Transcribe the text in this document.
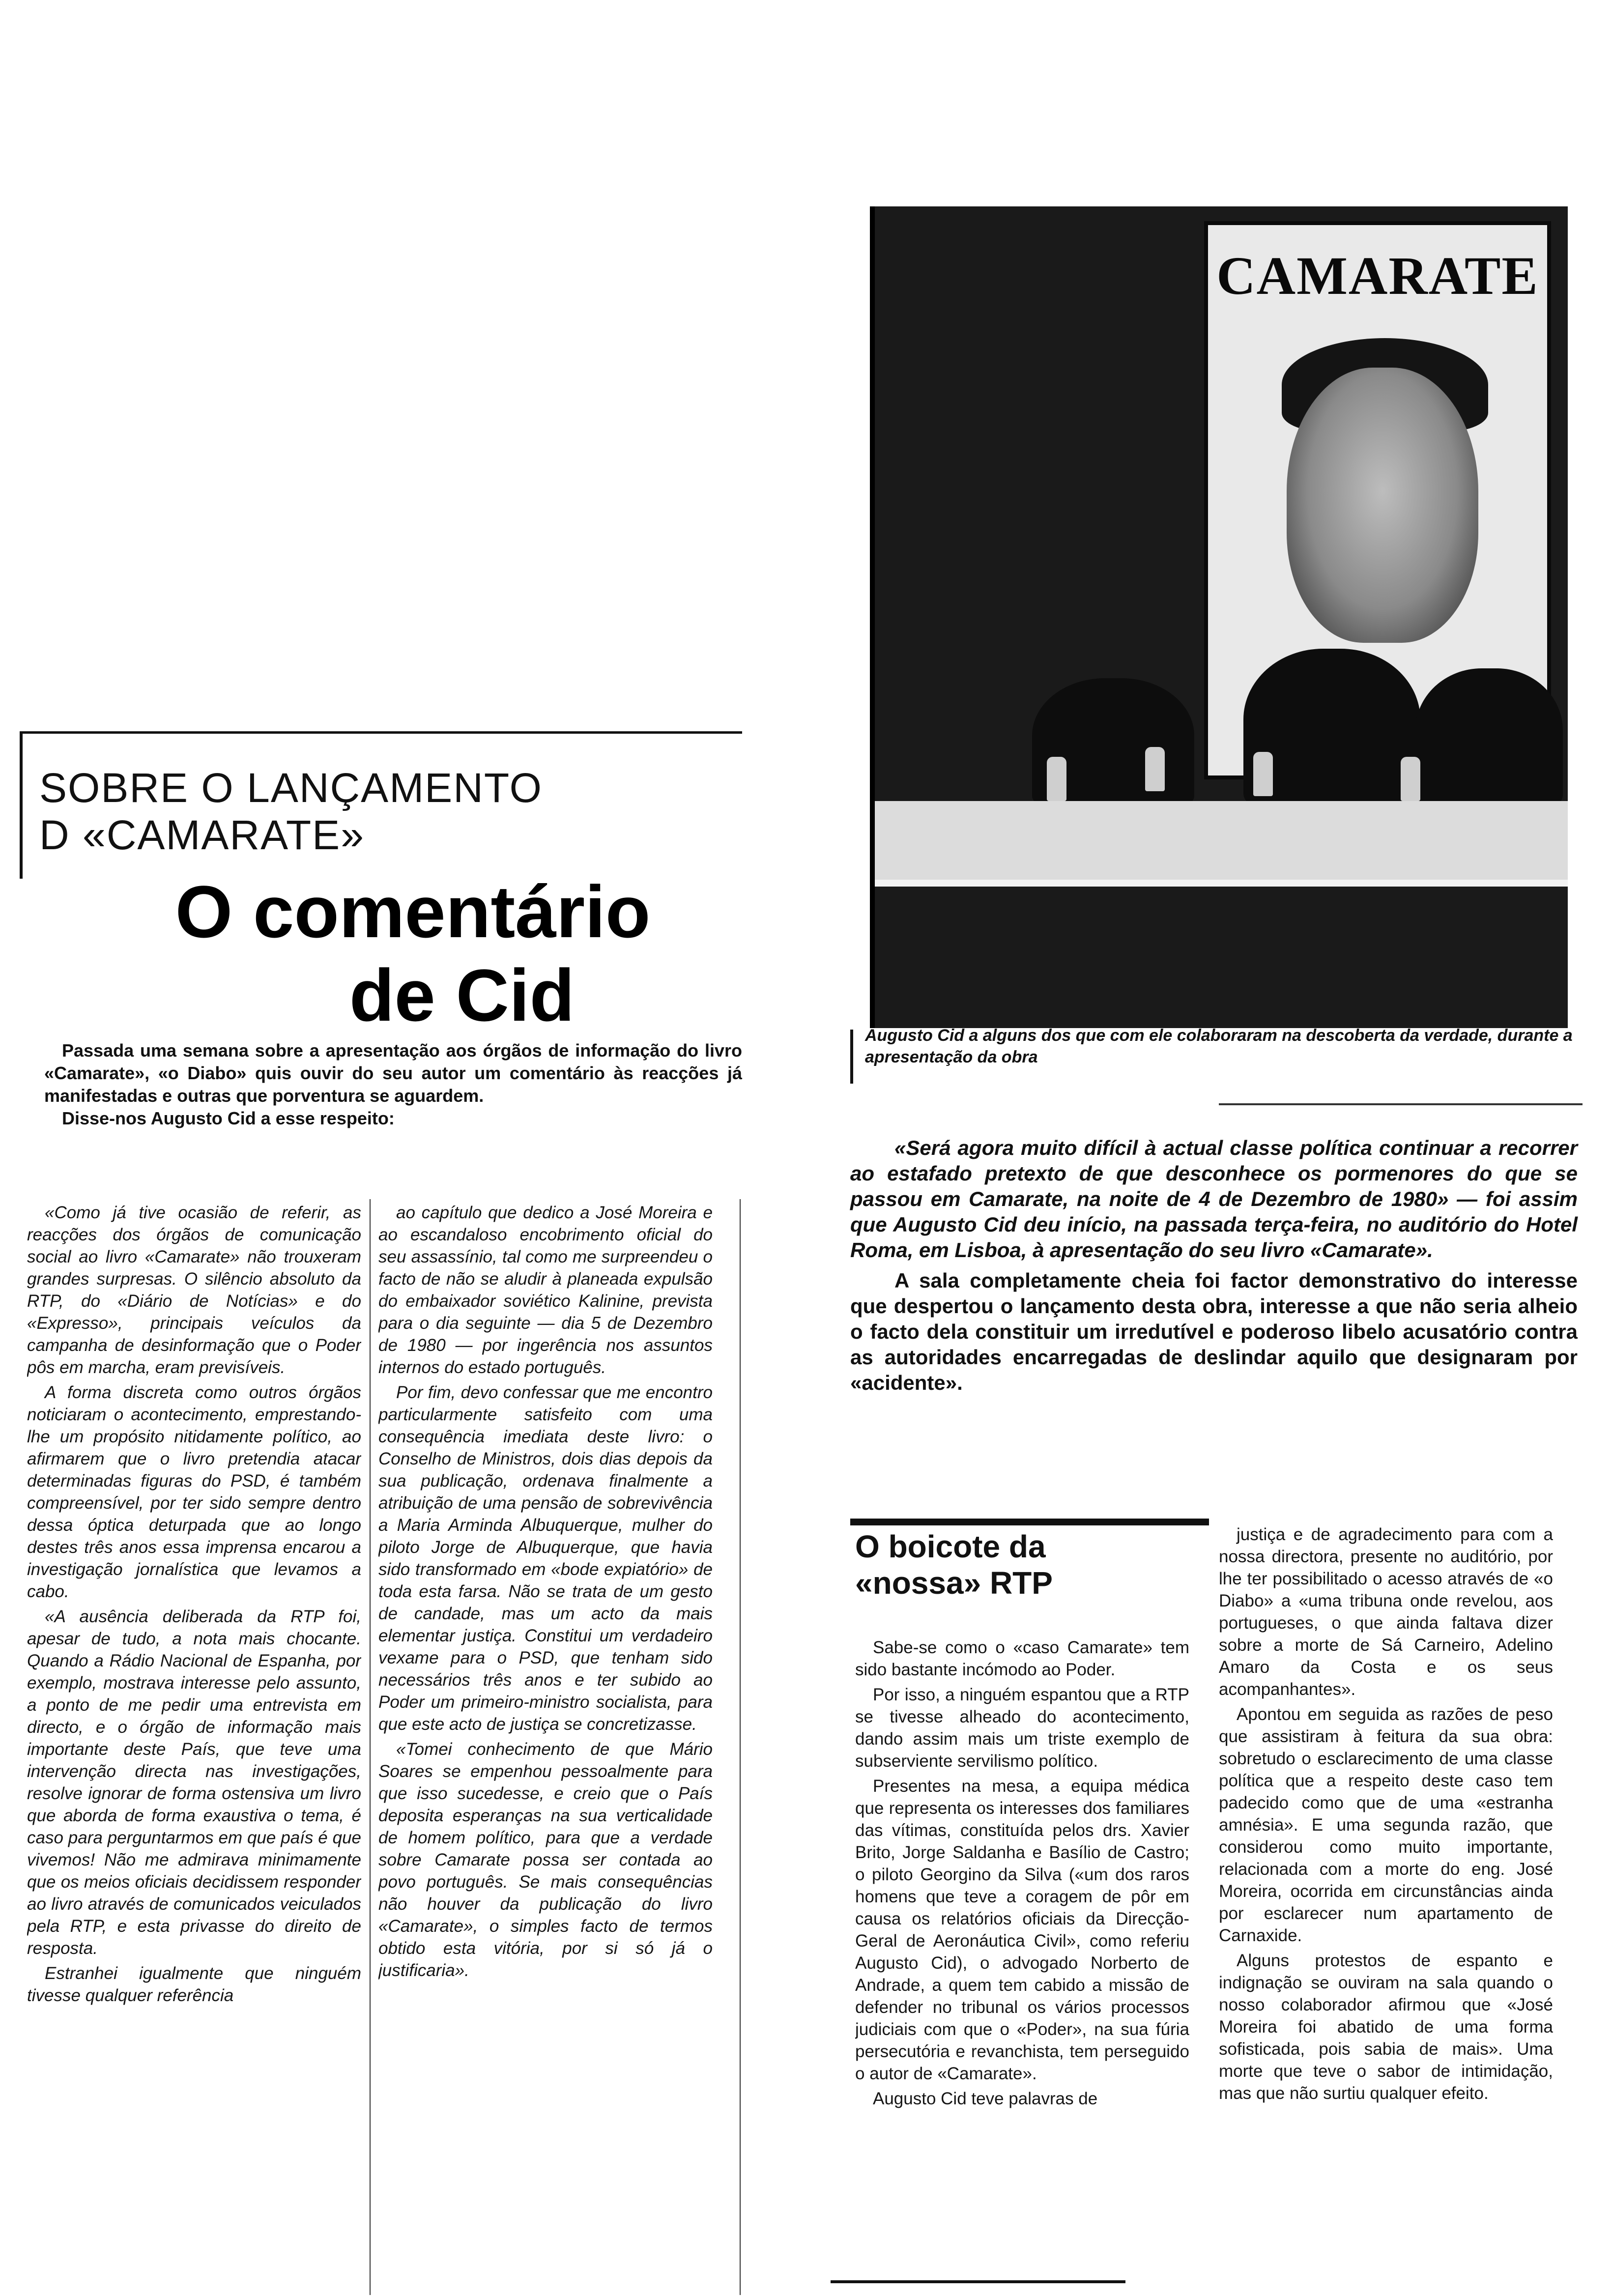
SOBRE O LANÇAMENTO
D «CAMARATE»
O comentário
de Cid

Passada uma semana sobre a apresentação aos órgãos de informação do livro «Camarate», «o Diabo» quis ouvir do seu autor um comentário às reacções já manifestadas e outras que porventura se aguardem.

Disse-nos Augusto Cid a esse respeito:

«Como já tive ocasião de referir, as reacções dos órgãos de comunicação social ao livro «Camarate» não trouxeram grandes surpresas. O silêncio absoluto da RTP, do «Diário de Notícias» e do «Expresso», principais veículos da campanha de desinformação que o Poder pôs em marcha, eram previsíveis.

A forma discreta como outros órgãos noticiaram o acontecimento, emprestando-lhe um propósito nitidamente político, ao afirmarem que o livro pretendia atacar determinadas figuras do PSD, é também compreensível, por ter sido sempre dentro dessa óptica deturpada que ao longo destes três anos essa imprensa encarou a investigação jornalística que levamos a cabo.

«A ausência deliberada da RTP foi, apesar de tudo, a nota mais chocante. Quando a Rádio Nacional de Espanha, por exemplo, mostrava interesse pelo assunto, a ponto de me pedir uma entrevista em directo, e o órgão de informação mais importante deste País, que teve uma intervenção directa nas investigações, resolve ignorar de forma ostensiva um livro que aborda de forma exaustiva o tema, é caso para perguntarmos em que país é que vivemos! Não me admirava minimamente que os meios oficiais decidissem responder ao livro através de comunicados veiculados pela RTP, e esta privasse do direito de resposta.

Estranhei igualmente que ninguém tivesse qualquer referência

ao capítulo que dedico a José Moreira e ao escandaloso encobrimento oficial do seu assassínio, tal como me surpreendeu o facto de não se aludir à planeada expulsão do embaixador soviético Kalinine, prevista para o dia seguinte — dia 5 de Dezembro de 1980 — por ingerência nos assuntos internos do estado português.

Por fim, devo confessar que me encontro particularmente satisfeito com uma consequência imediata deste livro: o Conselho de Ministros, dois dias depois da sua publicação, ordenava finalmente a atribuição de uma pensão de sobrevivência a Maria Arminda Albuquerque, mulher do piloto Jorge de Albuquerque, que havia sido transformado em «bode expiatório» de toda esta farsa. Não se trata de um gesto de candade, mas um acto da mais elementar justiça. Constitui um verdadeiro vexame para o PSD, que tenham sido necessários três anos e ter subido ao Poder um primeiro-ministro socialista, para que este acto de justiça se concretizasse.

«Tomei conhecimento de que Mário Soares se empenhou pessoalmente para que isso sucedesse, e creio que o País deposita esperanças na sua verticalidade de homem político, para que a verdade sobre Camarate possa ser contada ao povo português. Se mais consequências não houver da publicação do livro «Camarate», o simples facto de termos obtido esta vitória, por si só já o justificaria».

CAMARATE
Augusto Cid a alguns dos que com ele colaboraram na descoberta da verdade, durante a apresentação da obra

«Será agora muito difícil à actual classe política continuar a recorrer ao estafado pretexto de que desconhece os pormenores do que se passou em Camarate, na noite de 4 de Dezembro de 1980» — foi assim que Augusto Cid deu início, na passada terça-feira, no auditório do Hotel Roma, em Lisboa, à apresentação do seu livro «Camarate».

A sala completamente cheia foi factor demonstrativo do interesse que despertou o lançamento desta obra, interesse a que não seria alheio o facto dela constituir um irredutível e poderoso libelo acusatório contra as autoridades encarregadas de deslindar aquilo que designaram por «acidente».

O boicote da
«nossa» RTP

Sabe-se como o «caso Camarate» tem sido bastante incómodo ao Poder.

Por isso, a ninguém espantou que a RTP se tivesse alheado do acontecimento, dando assim mais um triste exemplo de subserviente servilismo político.

Presentes na mesa, a equipa médica que representa os interesses dos familiares das vítimas, constituída pelos drs. Xavier Brito, Jorge Saldanha e Basílio de Castro; o piloto Georgino da Silva («um dos raros homens que teve a coragem de pôr em causa os relatórios oficiais da Direcção-Geral de Aeronáutica Civil», como referiu Augusto Cid), o advogado Norberto de Andrade, a quem tem cabido a missão de defender no tribunal os vários processos judiciais com que o «Poder», na sua fúria persecutória e revanchista, tem perseguido o autor de «Camarate».

Augusto Cid teve palavras de

justiça e de agradecimento para com a nossa directora, presente no auditório, por lhe ter possibilitado o acesso através de «o Diabo» a «uma tribuna onde revelou, aos portugueses, o que ainda faltava dizer sobre a morte de Sá Carneiro, Adelino Amaro da Costa e os seus acompanhantes».

Apontou em seguida as razões de peso que assistiram à feitura da sua obra: sobretudo o esclarecimento de uma classe política que a respeito deste caso tem padecido como que de uma «estranha amnésia». E uma segunda razão, que considerou como muito importante, relacionada com a morte do eng. José Moreira, ocorrida em circunstâncias ainda por esclarecer num apartamento de Carnaxide.

Alguns protestos de espanto e indignação se ouviram na sala quando o nosso colaborador afirmou que «José Moreira foi abatido de uma forma sofisticada, pois sabia de mais». Uma morte que teve o sabor de intimidação, mas que não surtiu qualquer efeito.
